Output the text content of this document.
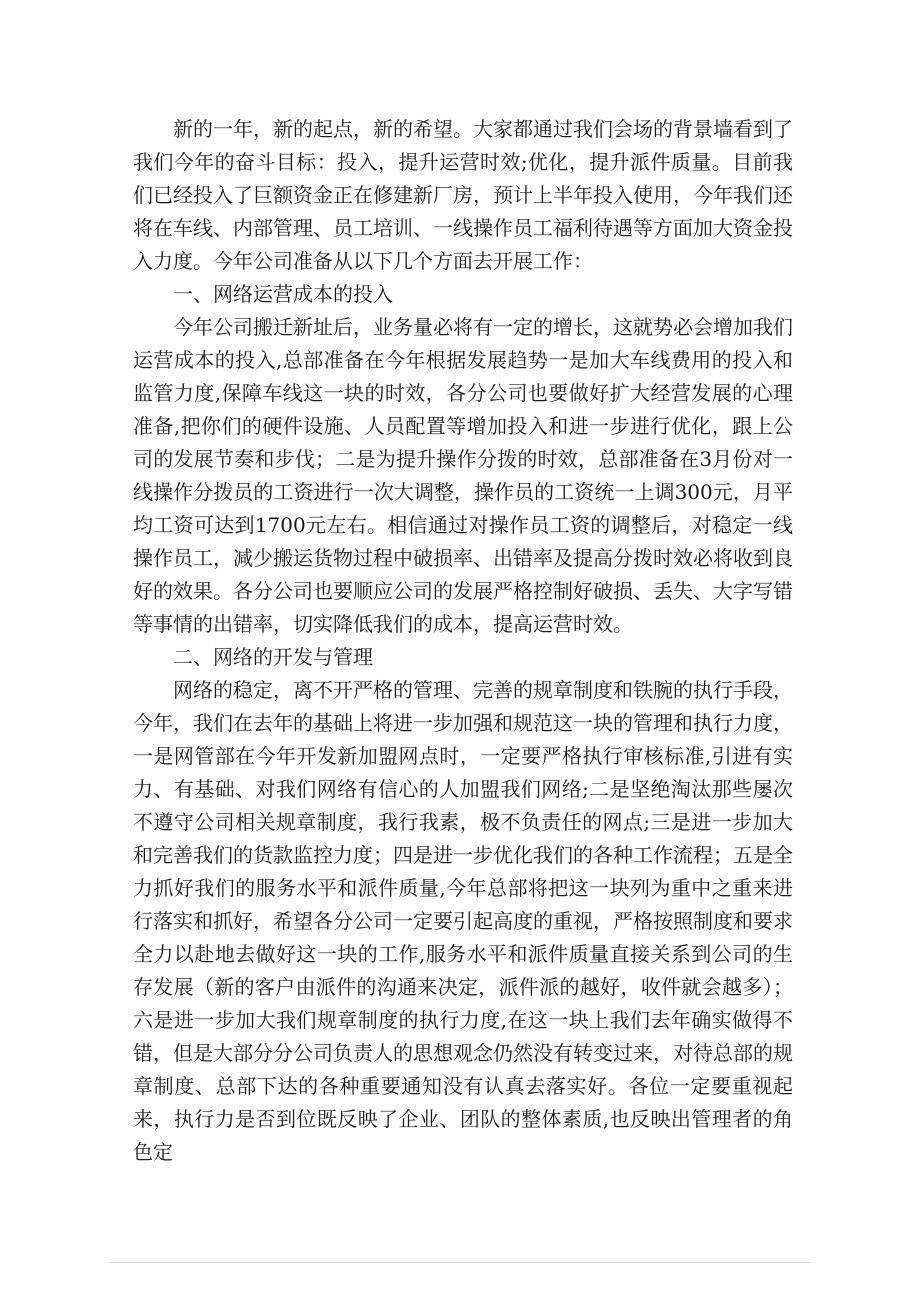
新的一年，新的起点，新的希望。大家都通过我们会场的背景墙看到了我们今年的奋斗目标：投入，提升运营时效;优化，提升派件质量。目前我们已经投入了巨额资金正在修建新厂房，预计上半年投入使用，今年我们还将在车线、内部管理、员工培训、一线操作员工福利待遇等方面加大资金投入力度。今年公司准备从以下几个方面去开展工作：

一、网络运营成本的投入

今年公司搬迁新址后，业务量必将有一定的增长，这就势必会增加我们运营成本的投入,总部准备在今年根据发展趋势一是加大车线费用的投入和监管力度,保障车线这一块的时效，各分公司也要做好扩大经营发展的心理准备,把你们的硬件设施、人员配置等增加投入和进一步进行优化，跟上公司的发展节奏和步伐；二是为提升操作分拨的时效，总部准备在3月份对一线操作分拨员的工资进行一次大调整，操作员的工资统一上调300元，月平均工资可达到1700元左右。相信通过对操作员工资的调整后，对稳定一线操作员工，减少搬运货物过程中破损率、出错率及提高分拨时效必将收到良好的效果。各分公司也要顺应公司的发展严格控制好破损、丢失、大字写错等事情的出错率，切实降低我们的成本，提高运营时效。

二、网络的开发与管理

网络的稳定，离不开严格的管理、完善的规章制度和铁腕的执行手段，今年，我们在去年的基础上将进一步加强和规范这一块的管理和执行力度，一是网管部在今年开发新加盟网点时，一定要严格执行审核标准,引进有实力、有基础、对我们网络有信心的人加盟我们网络;二是坚绝淘汰那些屡次不遵守公司相关规章制度，我行我素，极不负责任的网点;三是进一步加大和完善我们的货款监控力度；四是进一步优化我们的各种工作流程；五是全力抓好我们的服务水平和派件质量,今年总部将把这一块列为重中之重来进行落实和抓好，希望各分公司一定要引起高度的重视，严格按照制度和要求全力以赴地去做好这一块的工作,服务水平和派件质量直接关系到公司的生存发展（新的客户由派件的沟通来决定，派件派的越好，收件就会越多）；六是进一步加大我们规章制度的执行力度,在这一块上我们去年确实做得不错，但是大部分分公司负责人的思想观念仍然没有转变过来，对待总部的规章制度、总部下达的各种重要通知没有认真去落实好。各位一定要重视起来，执行力是否到位既反映了企业、团队的整体素质,也反映出管理者的角色定
